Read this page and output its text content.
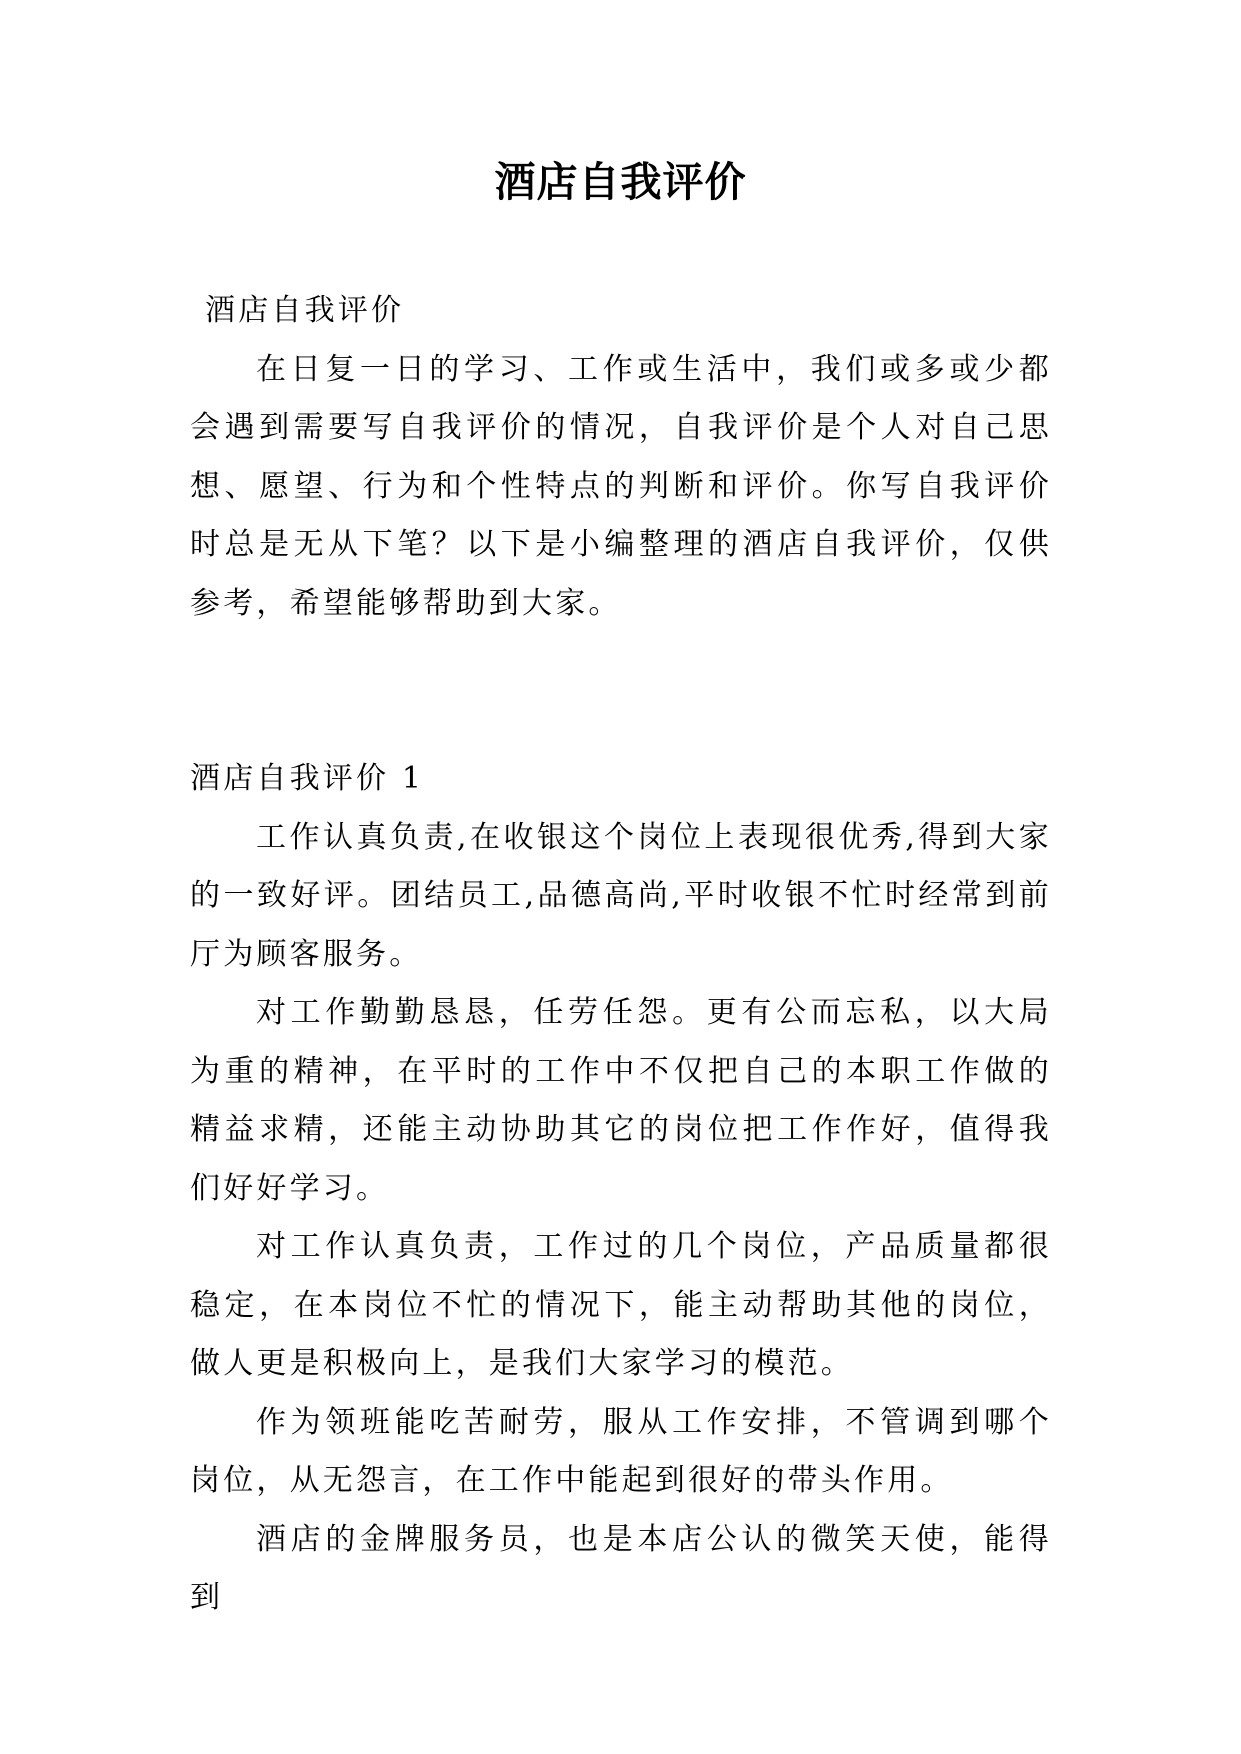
酒店自我评价
酒店自我评价

在日复一日的学习、工作或生活中，我们或多或少都会遇到需要写自我评价的情况，自我评价是个人对自己思想、愿望、行为和个性特点的判断和评价。你写自我评价时总是无从下笔？以下是小编整理的酒店自我评价，仅供参考，希望能够帮助到大家。

酒店自我评价 1

工作认真负责,在收银这个岗位上表现很优秀,得到大家的一致好评。团结员工,品德高尚,平时收银不忙时经常到前厅为顾客服务。

对工作勤勤恳恳，任劳任怨。更有公而忘私，以大局为重的精神，在平时的工作中不仅把自己的本职工作做的精益求精，还能主动协助其它的岗位把工作作好，值得我们好好学习。

对工作认真负责，工作过的几个岗位，产品质量都很稳定，在本岗位不忙的情况下，能主动帮助其他的岗位，做人更是积极向上，是我们大家学习的模范。

作为领班能吃苦耐劳，服从工作安排，不管调到哪个岗位，从无怨言，在工作中能起到很好的带头作用。

酒店的金牌服务员，也是本店公认的微笑天使，能得到
